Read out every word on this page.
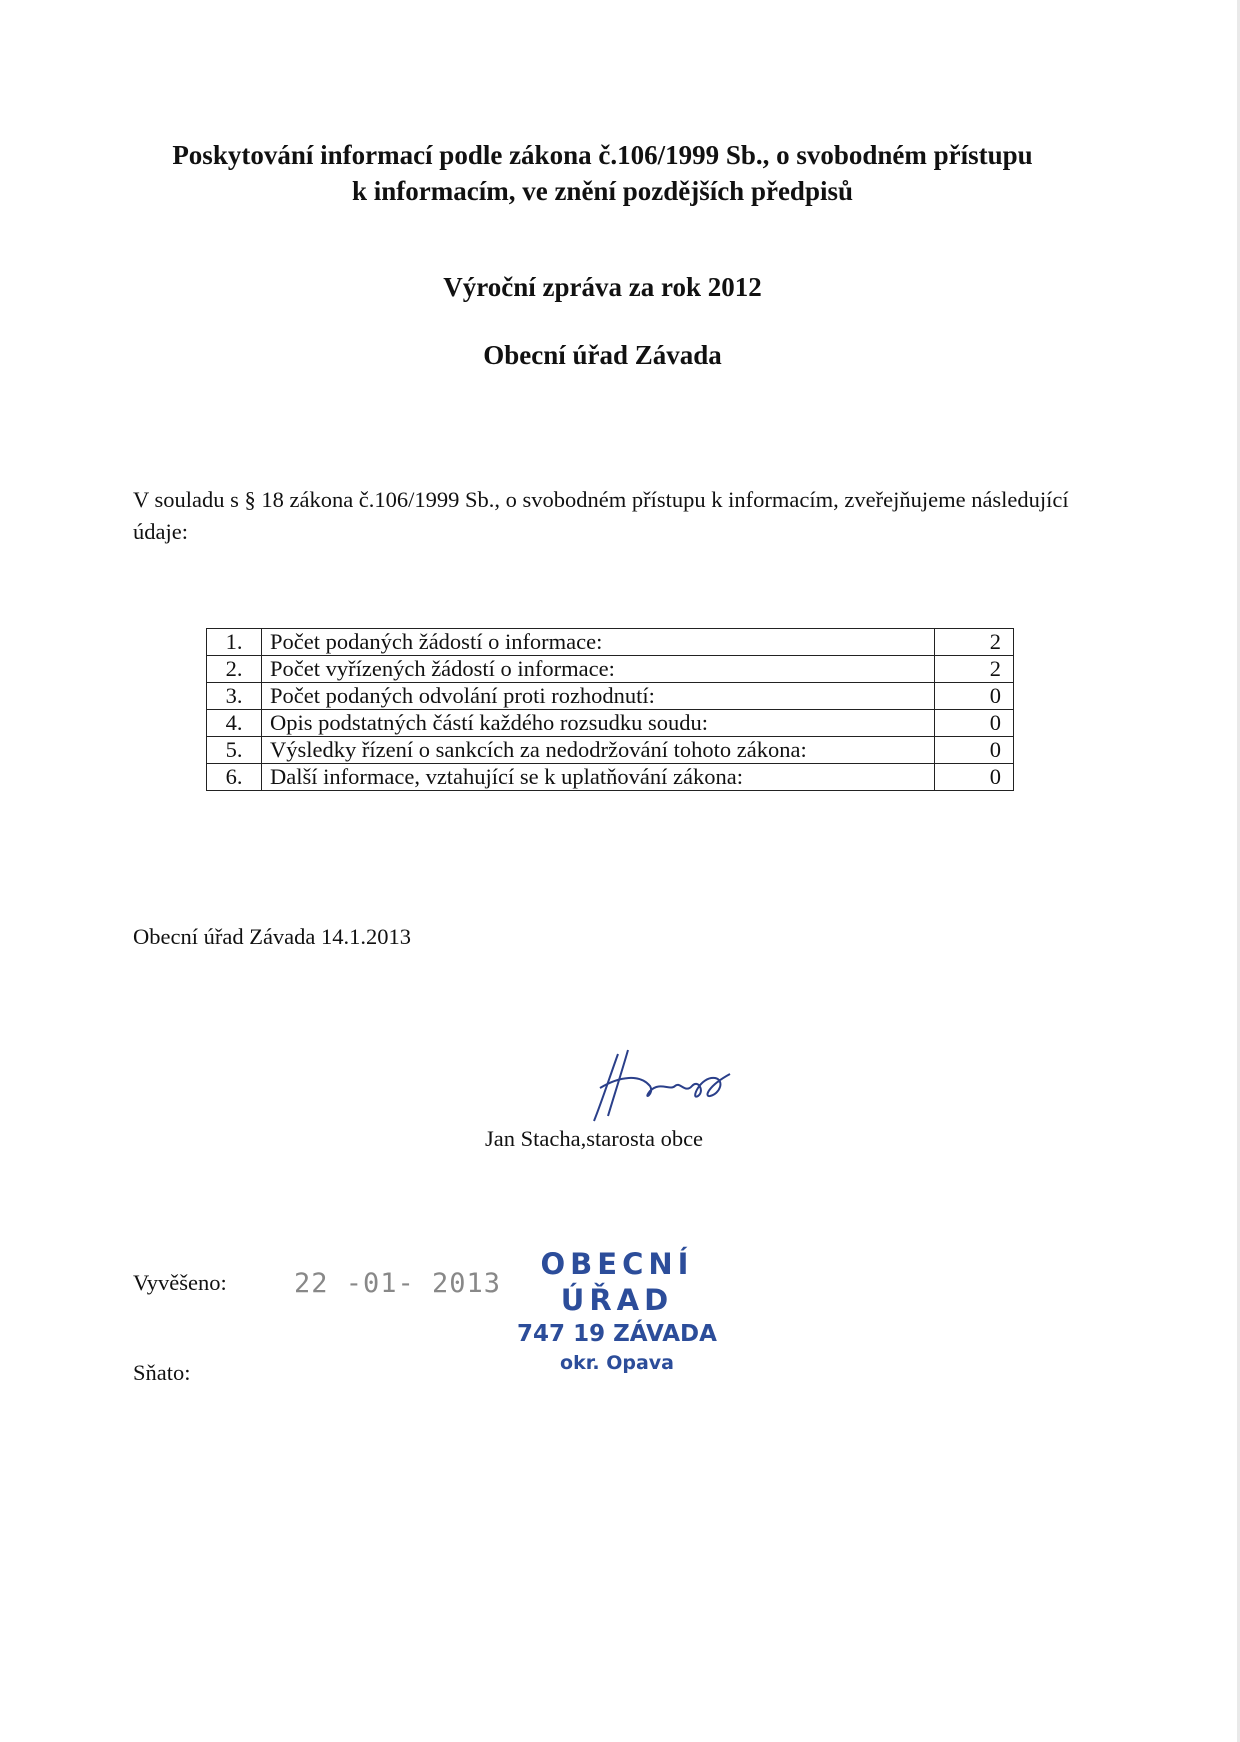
Poskytování informací podle zákona č.106/1999 Sb., o svobodném přístupu
k informacím, ve znění pozdějších předpisů
Výroční zpráva za rok 2012
Obecní úřad Závada
V souladu s § 18 zákona č.106/1999 Sb., o svobodném přístupu k informacím, zveřejňujeme následující údaje:
1.	Počet podaných žádostí o informace:	2
2.	Počet vyřízených žádostí o informace:	2
3.	Počet podaných odvolání proti rozhodnutí:	0
4.	Opis podstatných částí každého rozsudku soudu:	0
5.	Výsledky řízení o sankcích za nedodržování tohoto zákona:	0
6.	Další informace, vztahující se k uplatňování zákona:	0
Obecní úřad Závada 14.1.2013
Jan Stacha,starosta obce
Vyvěšeno: 22 -01- 2013
OBECNÍ ÚŘAD
747 19 ZÁVADA
okr. Opava
Sňato:
